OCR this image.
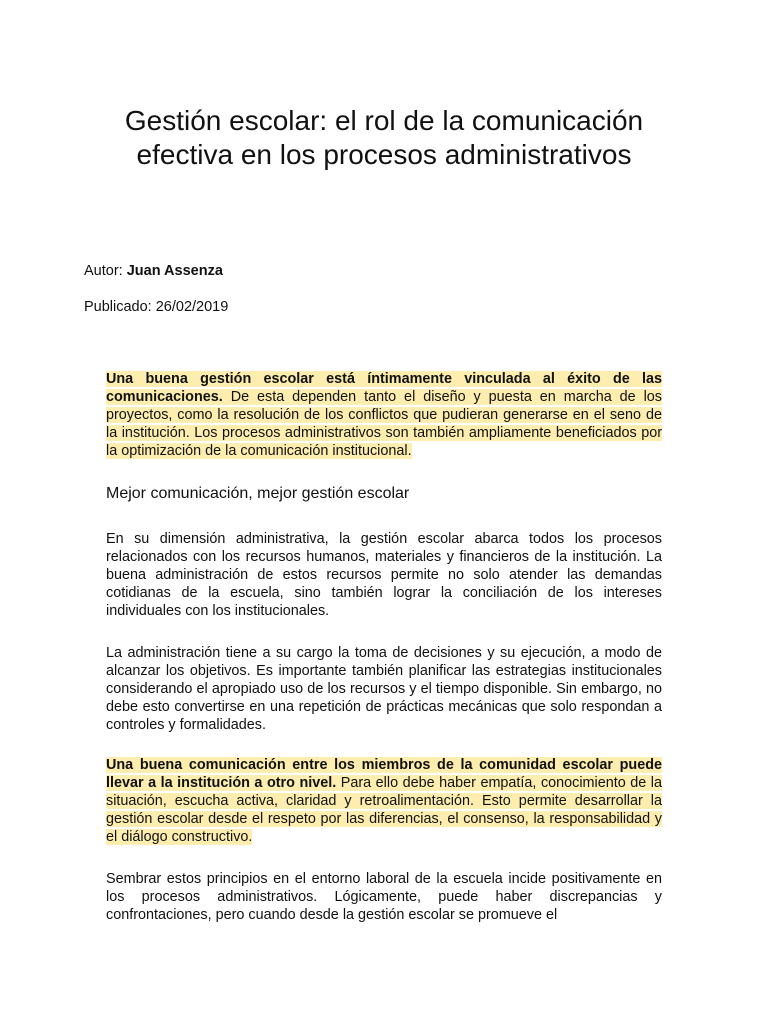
Gestión escolar: el rol de la comunicación efectiva en los procesos administrativos
Autor: Juan Assenza
Publicado: 26/02/2019

Una buena gestión escolar está íntimamente vinculada al éxito de las comunicaciones. De esta dependen tanto el diseño y puesta en marcha de los proyectos, como la resolución de los conflictos que pudieran generarse en el seno de la institución. Los procesos administrativos son también ampliamente beneficiados por la optimización de la comunicación institucional.

Mejor comunicación, mejor gestión escolar

En su dimensión administrativa, la gestión escolar abarca todos los procesos relacionados con los recursos humanos, materiales y financieros de la institución. La buena administración de estos recursos permite no solo atender las demandas cotidianas de la escuela, sino también lograr la conciliación de los intereses individuales con los institucionales.

La administración tiene a su cargo la toma de decisiones y su ejecución, a modo de alcanzar los objetivos. Es importante también planificar las estrategias institucionales considerando el apropiado uso de los recursos y el tiempo disponible. Sin embargo, no debe esto convertirse en una repetición de prácticas mecánicas que solo respondan a controles y formalidades.

Una buena comunicación entre los miembros de la comunidad escolar puede llevar a la institución a otro nivel. Para ello debe haber empatía, conocimiento de la situación, escucha activa, claridad y retroalimentación. Esto permite desarrollar la gestión escolar desde el respeto por las diferencias, el consenso, la responsabilidad y el diálogo constructivo.

Sembrar estos principios en el entorno laboral de la escuela incide positivamente en los procesos administrativos. Lógicamente, puede haber discrepancias y confrontaciones, pero cuando desde la gestión escolar se promueve el
